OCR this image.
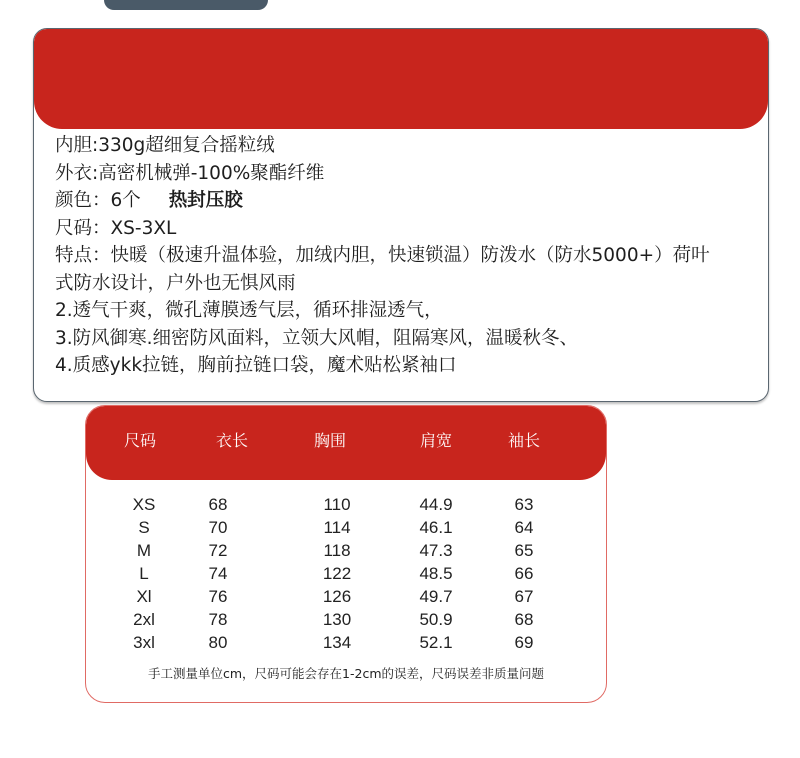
内胆:330g超细复合摇粒绒
外衣:高密机械弹-100%聚酯纤维
颜色：6个 热封压胶
尺码：XS-3XL
特点：快暖（极速升温体验，加绒内胆，快速锁温）防泼水（防水5000+）荷叶式防水设计，户外也无惧风雨
2.透气干爽，微孔薄膜透气层，循环排湿透气，
3.防风御寒.细密防风面料，立领大风帽，阻隔寒风，温暖秋冬、
4.质感ykk拉链，胸前拉链口袋，魔术贴松紧袖口
尺码	衣长	胸围	肩宽	袖长
XS	68	110	44.9	63
S	70	114	46.1	64
M	72	118	47.3	65
L	74	122	48.5	66
Xl	76	126	49.7	67
2xl	78	130	50.9	68
3xl	80	134	52.1	69
手工测量单位cm，尺码可能会存在1-2cm的误差，尺码误差非质量问题
